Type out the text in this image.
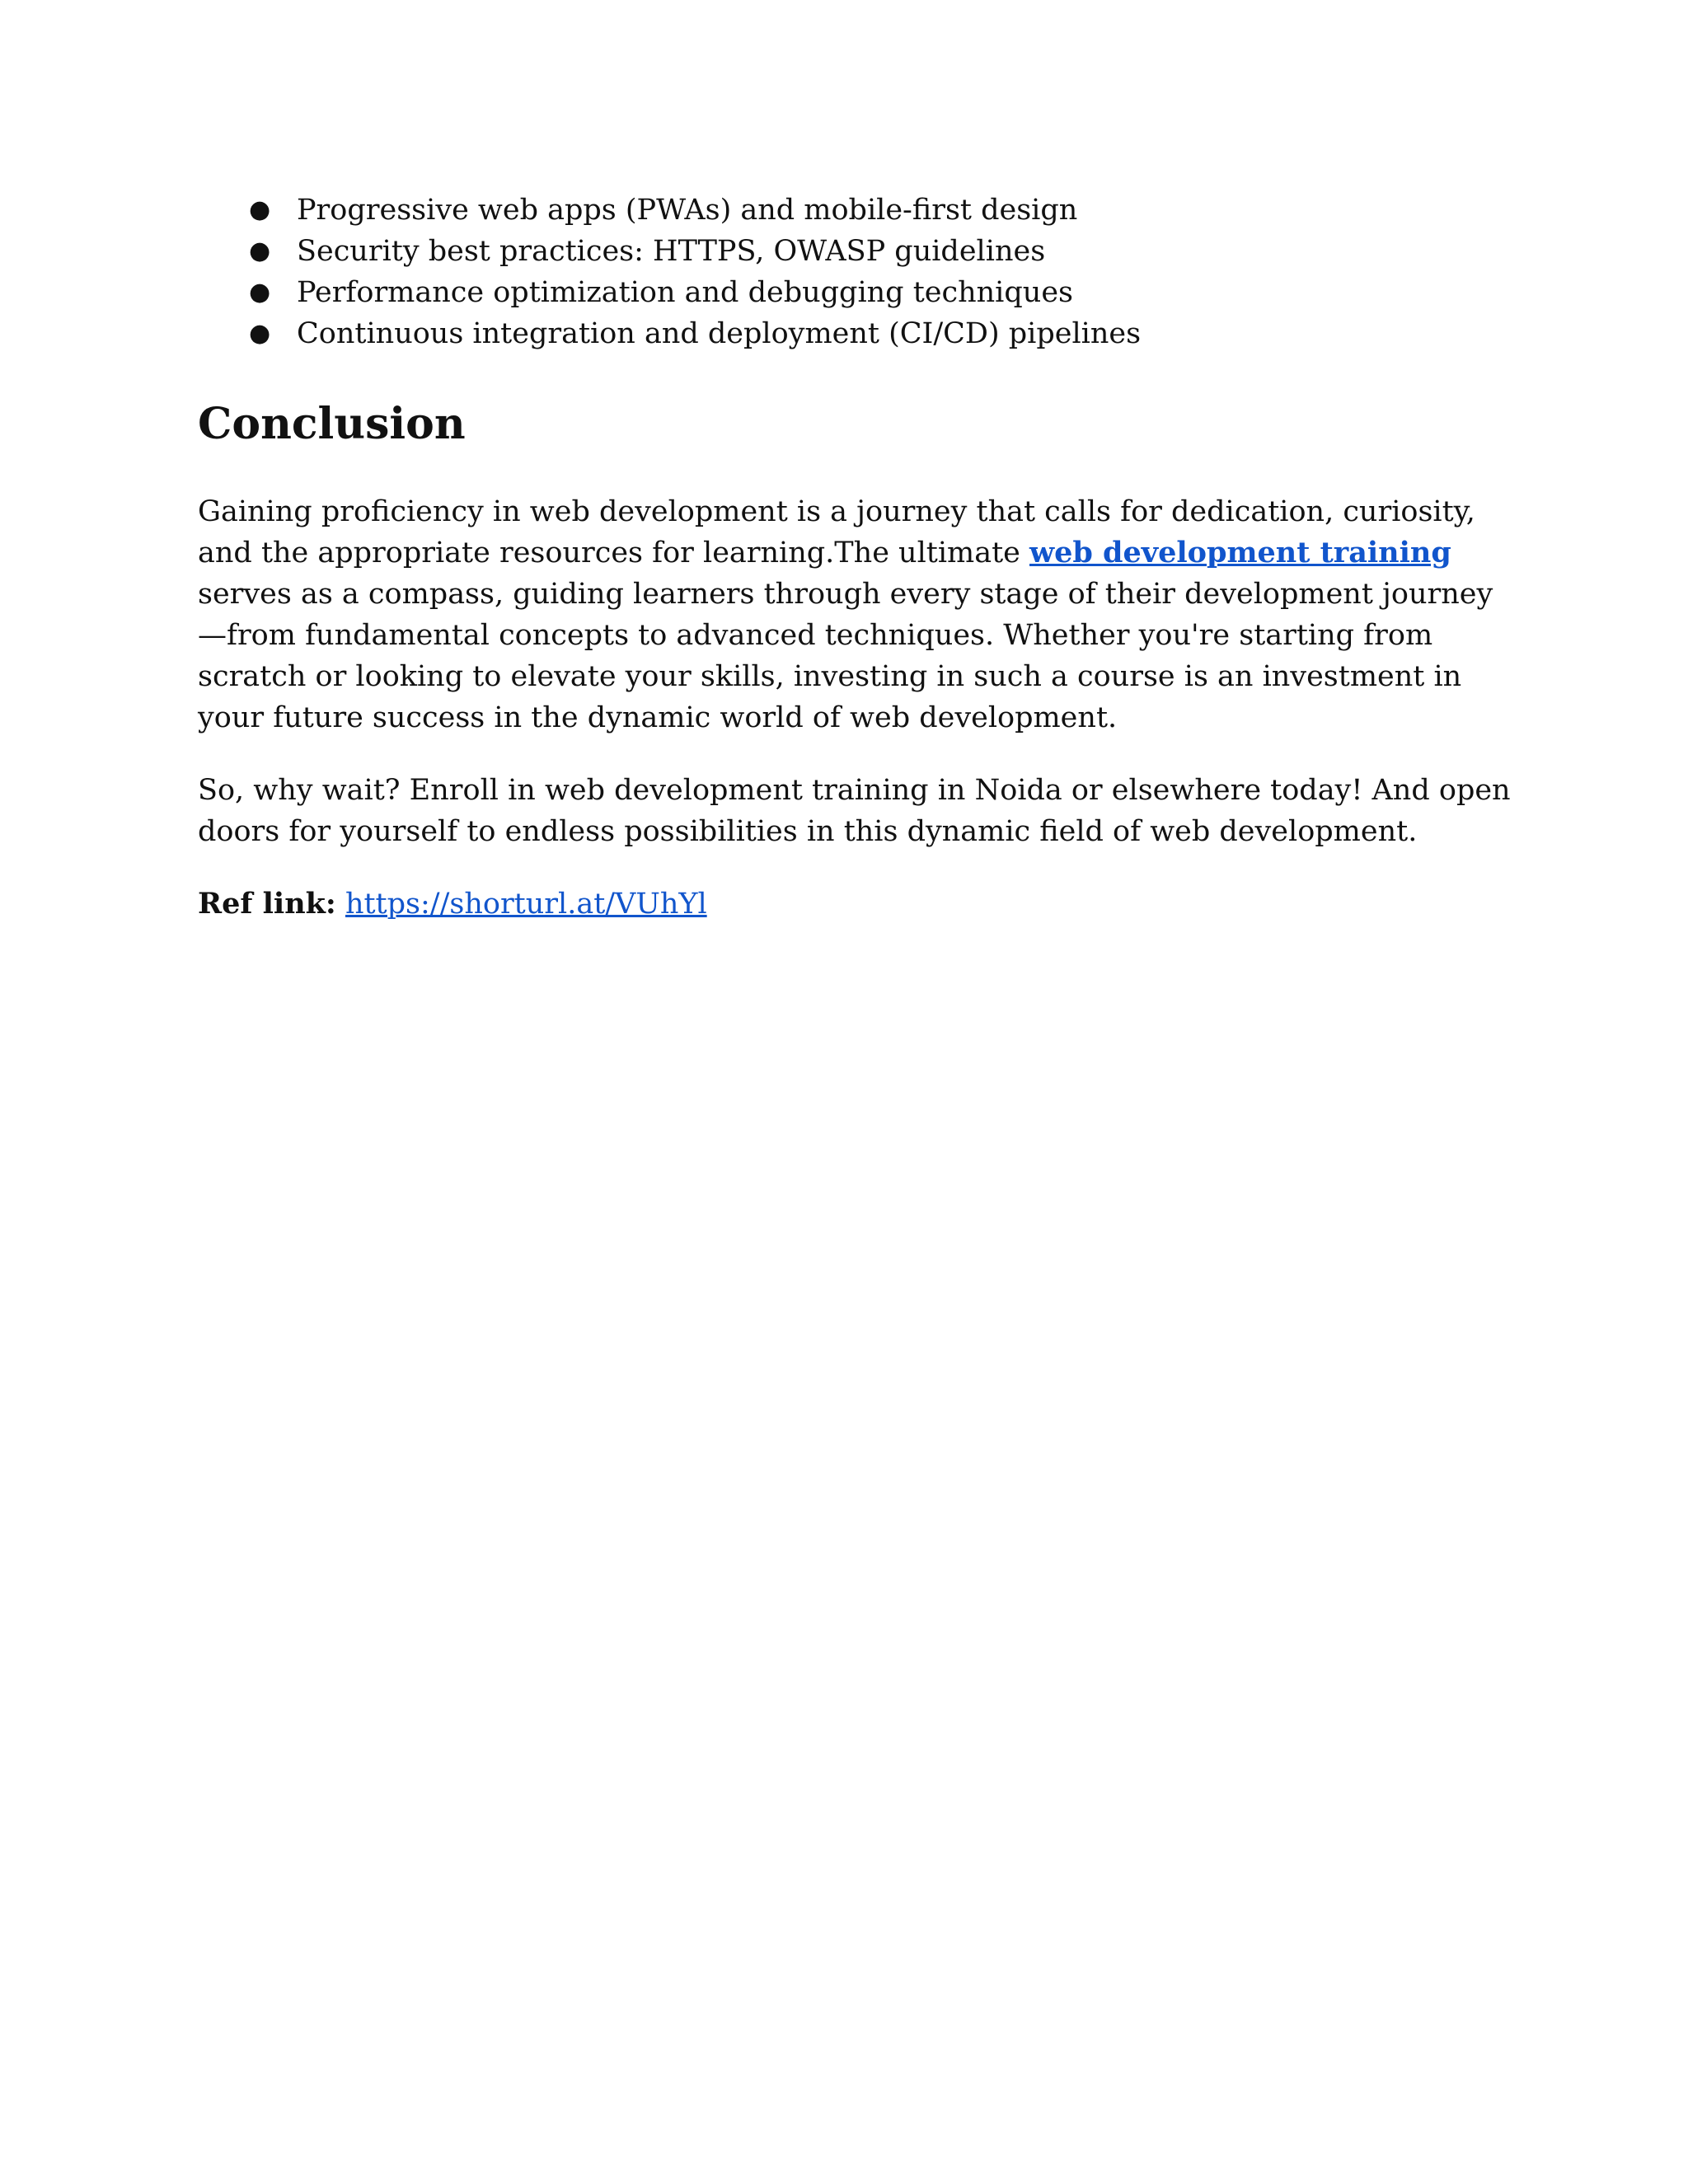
● Progressive web apps (PWAs) and mobile-first design
● Security best practices: HTTPS, OWASP guidelines
● Performance optimization and debugging techniques
● Continuous integration and deployment (CI/CD) pipelines
Conclusion

Gaining proficiency in web development is a journey that calls for dedication, curiosity, and the appropriate resources for learning.The ultimate web development training serves as a compass, guiding learners through every stage of their development journey—from fundamental concepts to advanced techniques. Whether you're starting from scratch or looking to elevate your skills, investing in such a course is an investment in your future success in the dynamic world of web development.

So, why wait? Enroll in web development training in Noida or elsewhere today! And open doors for yourself to endless possibilities in this dynamic field of web development.

Ref link: https://shorturl.at/VUhYl
